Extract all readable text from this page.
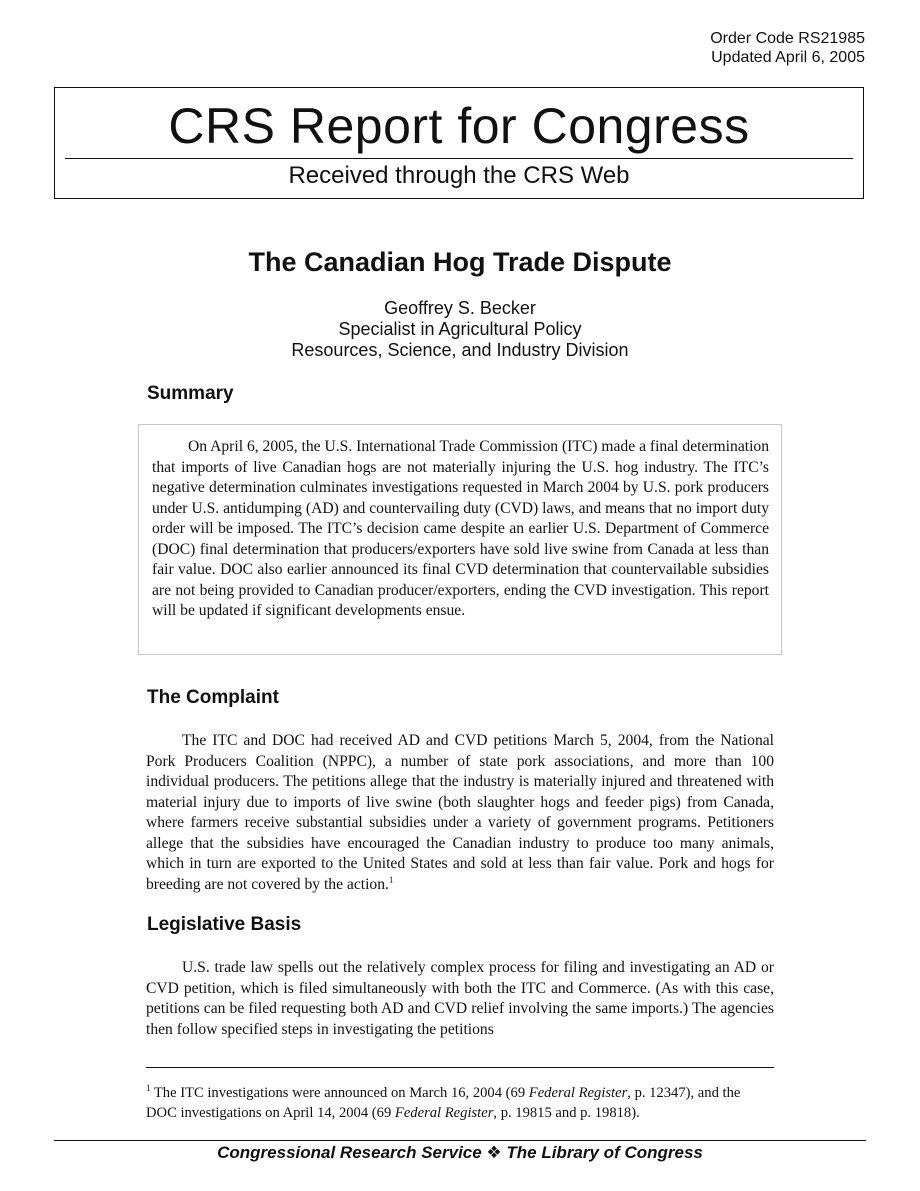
Order Code RS21985
Updated April 6, 2005
CRS Report for Congress
Received through the CRS Web
The Canadian Hog Trade Dispute
Geoffrey S. Becker
Specialist in Agricultural Policy
Resources, Science, and Industry Division
Summary

On April 6, 2005, the U.S. International Trade Commission (ITC) made a final determination that imports of live Canadian hogs are not materially injuring the U.S. hog industry. The ITC’s negative determination culminates investigations requested in March 2004 by U.S. pork producers under U.S. antidumping (AD) and countervailing duty (CVD) laws, and means that no import duty order will be imposed. The ITC’s decision came despite an earlier U.S. Department of Commerce (DOC) final determination that producers/exporters have sold live swine from Canada at less than fair value. DOC also earlier announced its final CVD determination that countervailable subsidies are not being provided to Canadian producer/exporters, ending the CVD investigation. This report will be updated if significant developments ensue.

The Complaint

The ITC and DOC had received AD and CVD petitions March 5, 2004, from the National Pork Producers Coalition (NPPC), a number of state pork associations, and more than 100 individual producers. The petitions allege that the industry is materially injured and threatened with material injury due to imports of live swine (both slaughter hogs and feeder pigs) from Canada, where farmers receive substantial subsidies under a variety of government programs. Petitioners allege that the subsidies have encouraged the Canadian industry to produce too many animals, which in turn are exported to the United States and sold at less than fair value. Pork and hogs for breeding are not covered by the action.$^1$

Legislative Basis

U.S. trade law spells out the relatively complex process for filing and investigating an AD or CVD petition, which is filed simultaneously with both the ITC and Commerce. (As with this case, petitions can be filed requesting both AD and CVD relief involving the same imports.) The agencies then follow specified steps in investigating the petitions

$^1$ The ITC investigations were announced on March 16, 2004 (69 Federal Register, p. 12347), and the DOC investigations on April 14, 2004 (69 Federal Register, p. 19815 and p. 19818).

Congressional Research Service ❖ The Library of Congress
